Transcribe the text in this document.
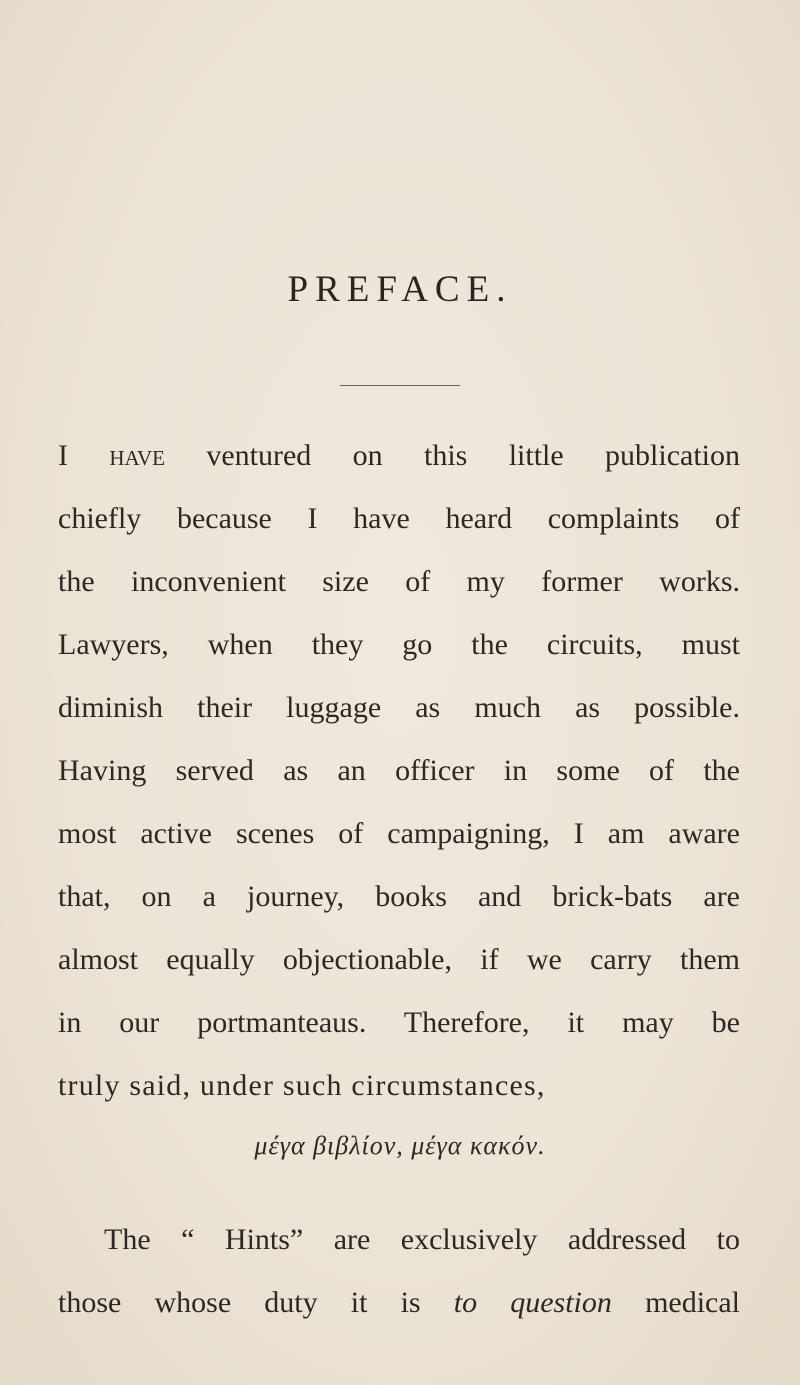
PREFACE.
I have ventured on this little publication
chiefly because I have heard complaints of
the inconvenient size of my former works.
Lawyers, when they go the circuits, must
diminish their luggage as much as possible.
Having served as an officer in some of the
most active scenes of campaigning, I am aware
that, on a journey, books and brick-bats are
almost equally objectionable, if we carry them
in our portmanteaus. Therefore, it may be
truly said, under such circumstances,
μέγα βιβλίον, μέγα κακόν.
The “ Hints” are exclusively addressed to
those whose duty it is to question medical
